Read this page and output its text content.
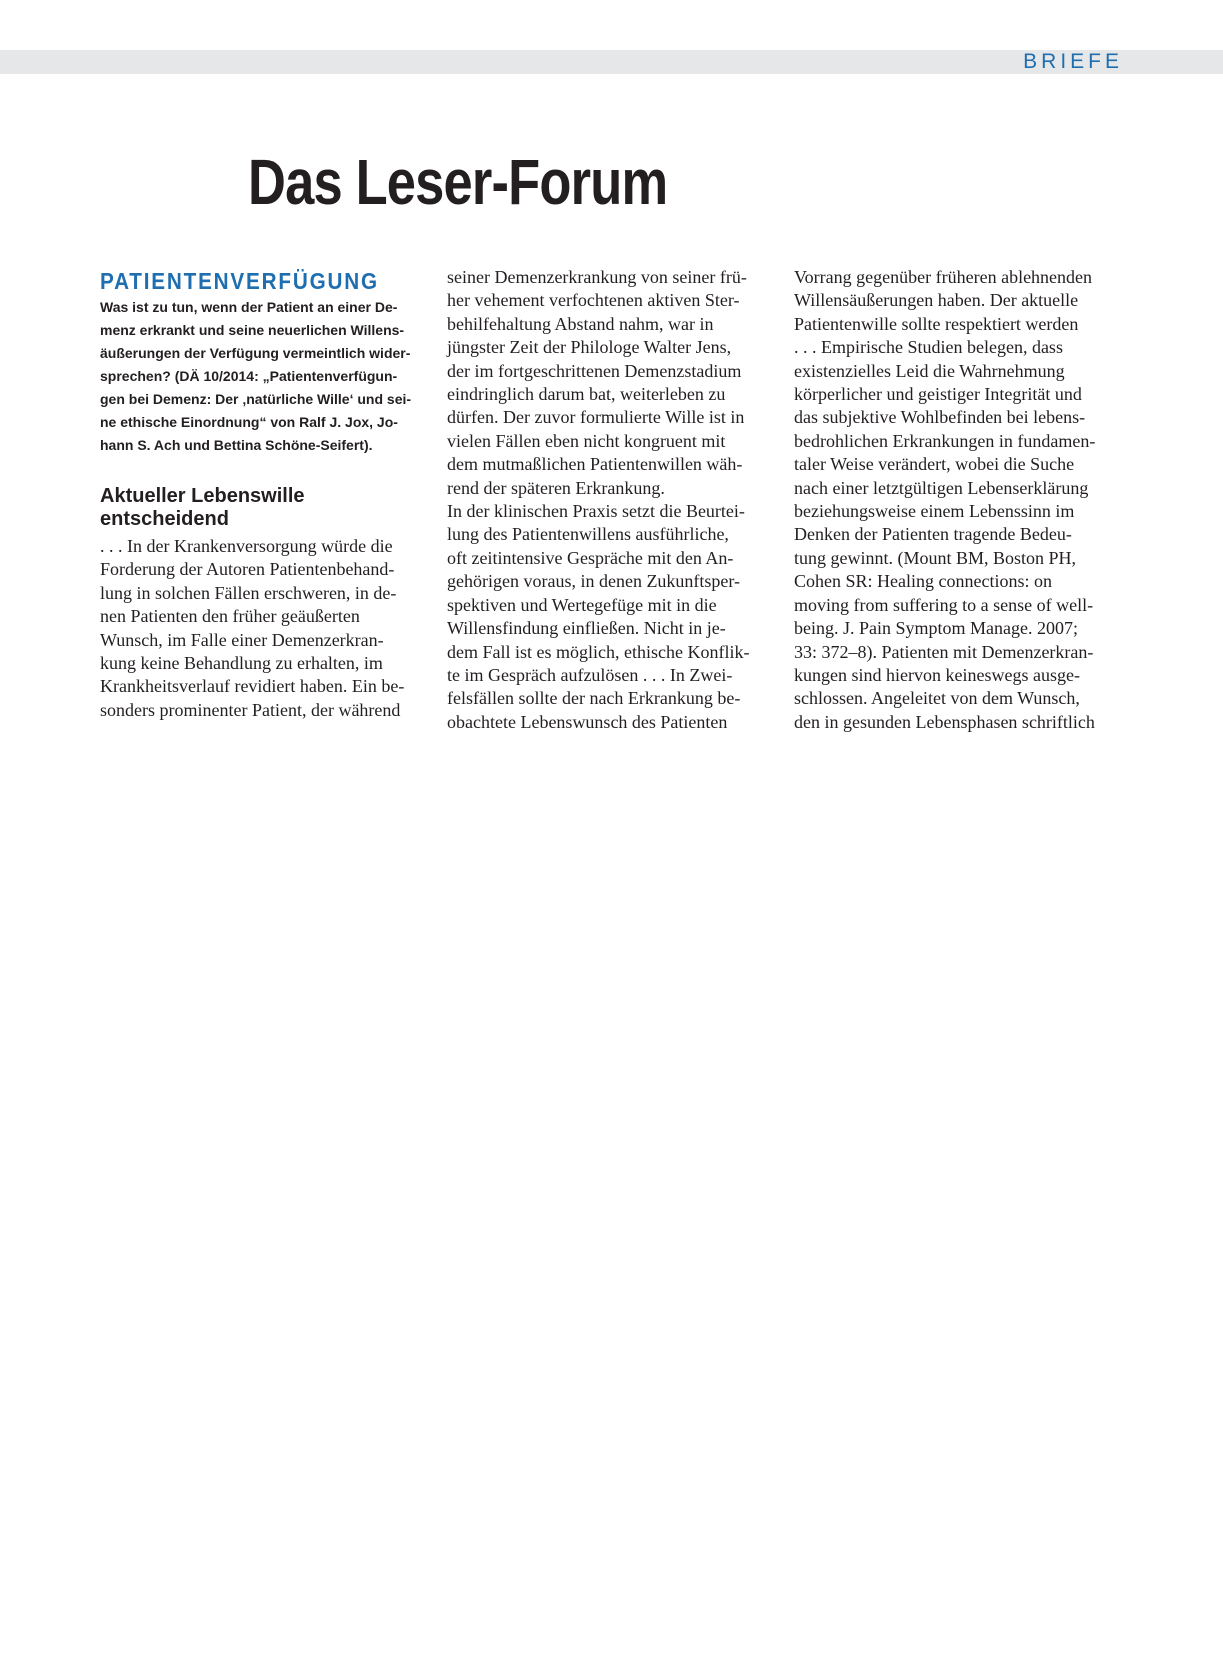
BRIEFE
Das Leser-Forum
PATIENTENVERFÜGUNG

Was ist zu tun, wenn der Patient an einer De-
menz erkrankt und seine neuerlichen Willens-
äußerungen der Verfügung vermeintlich wider-
sprechen? (DÄ 10/2014: „Patientenverfügun-
gen bei Demenz: Der ‚natürliche Wille‘ und sei-
ne ethische Einordnung“ von Ralf J. Jox, Jo-
hann S. Ach und Bettina Schöne-Seifert).

Aktueller Lebenswille
entscheidend

. . . In der Krankenversorgung würde die
Forderung der Autoren Patientenbehand-
lung in solchen Fällen erschweren, in de-
nen Patienten den früher geäußerten
Wunsch, im Falle einer Demenzerkran-
kung keine Behandlung zu erhalten, im
Krankheitsverlauf revidiert haben. Ein be-
sonders prominenter Patient, der während

seiner Demenzerkrankung von seiner frü-
her vehement verfochtenen aktiven Ster-
behilfehaltung Abstand nahm, war in
jüngster Zeit der Philologe Walter Jens,
der im fortgeschrittenen Demenzstadium
eindringlich darum bat, weiterleben zu
dürfen. Der zuvor formulierte Wille ist in
vielen Fällen eben nicht kongruent mit
dem mutmaßlichen Patientenwillen wäh-
rend der späteren Erkrankung.
In der klinischen Praxis setzt die Beurtei-
lung des Patientenwillens ausführliche,
oft zeitintensive Gespräche mit den An-
gehörigen voraus, in denen Zukunftsper-
spektiven und Wertegefüge mit in die
Willensfindung einfließen. Nicht in je-
dem Fall ist es möglich, ethische Konflik-
te im Gespräch aufzulösen . . . In Zwei-
felsfällen sollte der nach Erkrankung be-
obachtete Lebenswunsch des Patienten

Vorrang gegenüber früheren ablehnenden
Willensäußerungen haben. Der aktuelle
Patientenwille sollte respektiert werden
. . . Empirische Studien belegen, dass
existenzielles Leid die Wahrnehmung
körperlicher und geistiger Integrität und
das subjektive Wohlbefinden bei lebens-
bedrohlichen Erkrankungen in fundamen-
taler Weise verändert, wobei die Suche
nach einer letztgültigen Lebenserklärung
beziehungsweise einem Lebenssinn im
Denken der Patienten tragende Bedeu-
tung gewinnt. (Mount BM, Boston PH,
Cohen SR: Healing connections: on
moving from suffering to a sense of well-
being. J. Pain Symptom Manage. 2007;
33: 372–8). Patienten mit Demenzerkran-
kungen sind hiervon keineswegs ausge-
schlossen. Angeleitet von dem Wunsch,
den in gesunden Lebensphasen schriftlich
